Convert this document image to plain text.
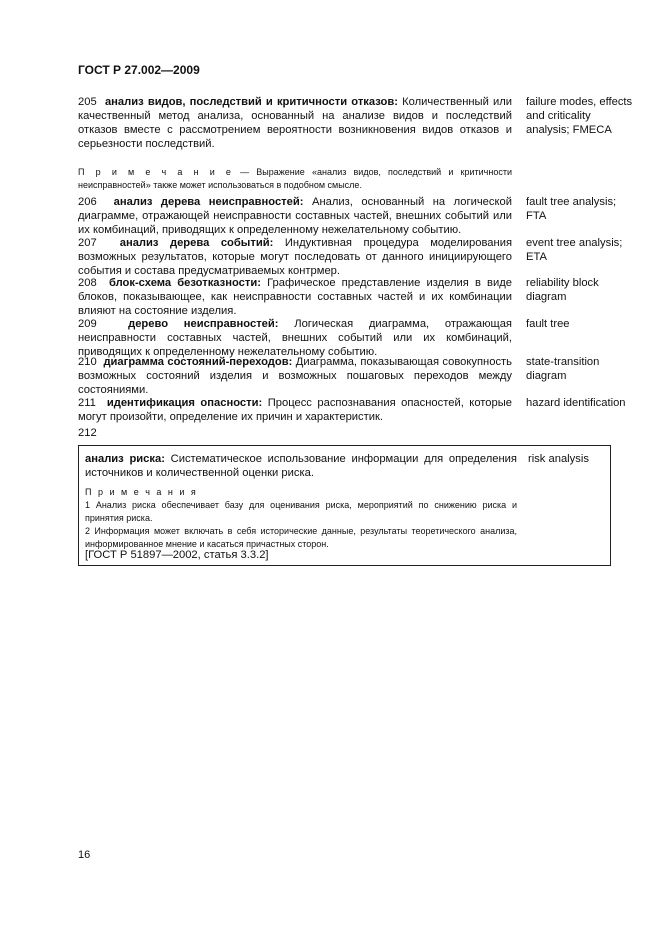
ГОСТ Р 27.002—2009
205 анализ видов, последствий и критичности отказов: Количественный или качественный метод анализа, основанный на анализе видов и последствий отказов вместе с рассмотрением вероятности возникновения видов отказов и серьезности последствий.
failure modes, effects and criticality analysis; FMECA
П р и м е ч а н и е — Выражение «анализ видов, последствий и критичности неисправностей» также может использоваться в подобном смысле.
206 анализ дерева неисправностей: Анализ, основанный на логической диаграмме, отражающей неисправности составных частей, внешних событий или их комбинаций, приводящих к определенному нежелательному событию.
fault tree analysis; FTA
207 анализ дерева событий: Индуктивная процедура моделирования возможных результатов, которые могут последовать от данного инициирующего события и состава предусматриваемых контрмер.
event tree analysis; ETA
208 блок-схема безотказности: Графическое представление изделия в виде блоков, показывающее, как неисправности составных частей и их комбинации влияют на состояние изделия.
reliability block diagram
209	дерево неисправностей: Логическая диаграмма, отражающая неисправности составных частей, внешних событий или их комбинаций, приводящих к определенному нежелательному событию.
fault tree
210 диаграмма состояний-переходов: Диаграмма, показывающая совокупность возможных состояний изделия и возможных пошаговых переходов между состояниями.
state-transition diagram
211 идентификация опасности: Процесс распознавания опасностей, которые могут произойти, определение их причин и характеристик.
hazard identification
212
анализ риска: Систематическое использование информации для определения источников и количественной оценки риска.
risk analysis
П р и м е ч а н и я
1 Анализ риска обеспечивает базу для оценивания риска, мероприятий по снижению риска и принятия риска.
2 Информация может включать в себя исторические данные, результаты теоретического анализа, информированное мнение и касаться причастных сторон.
[ГОСТ Р 51897—2002, статья 3.3.2]
16
